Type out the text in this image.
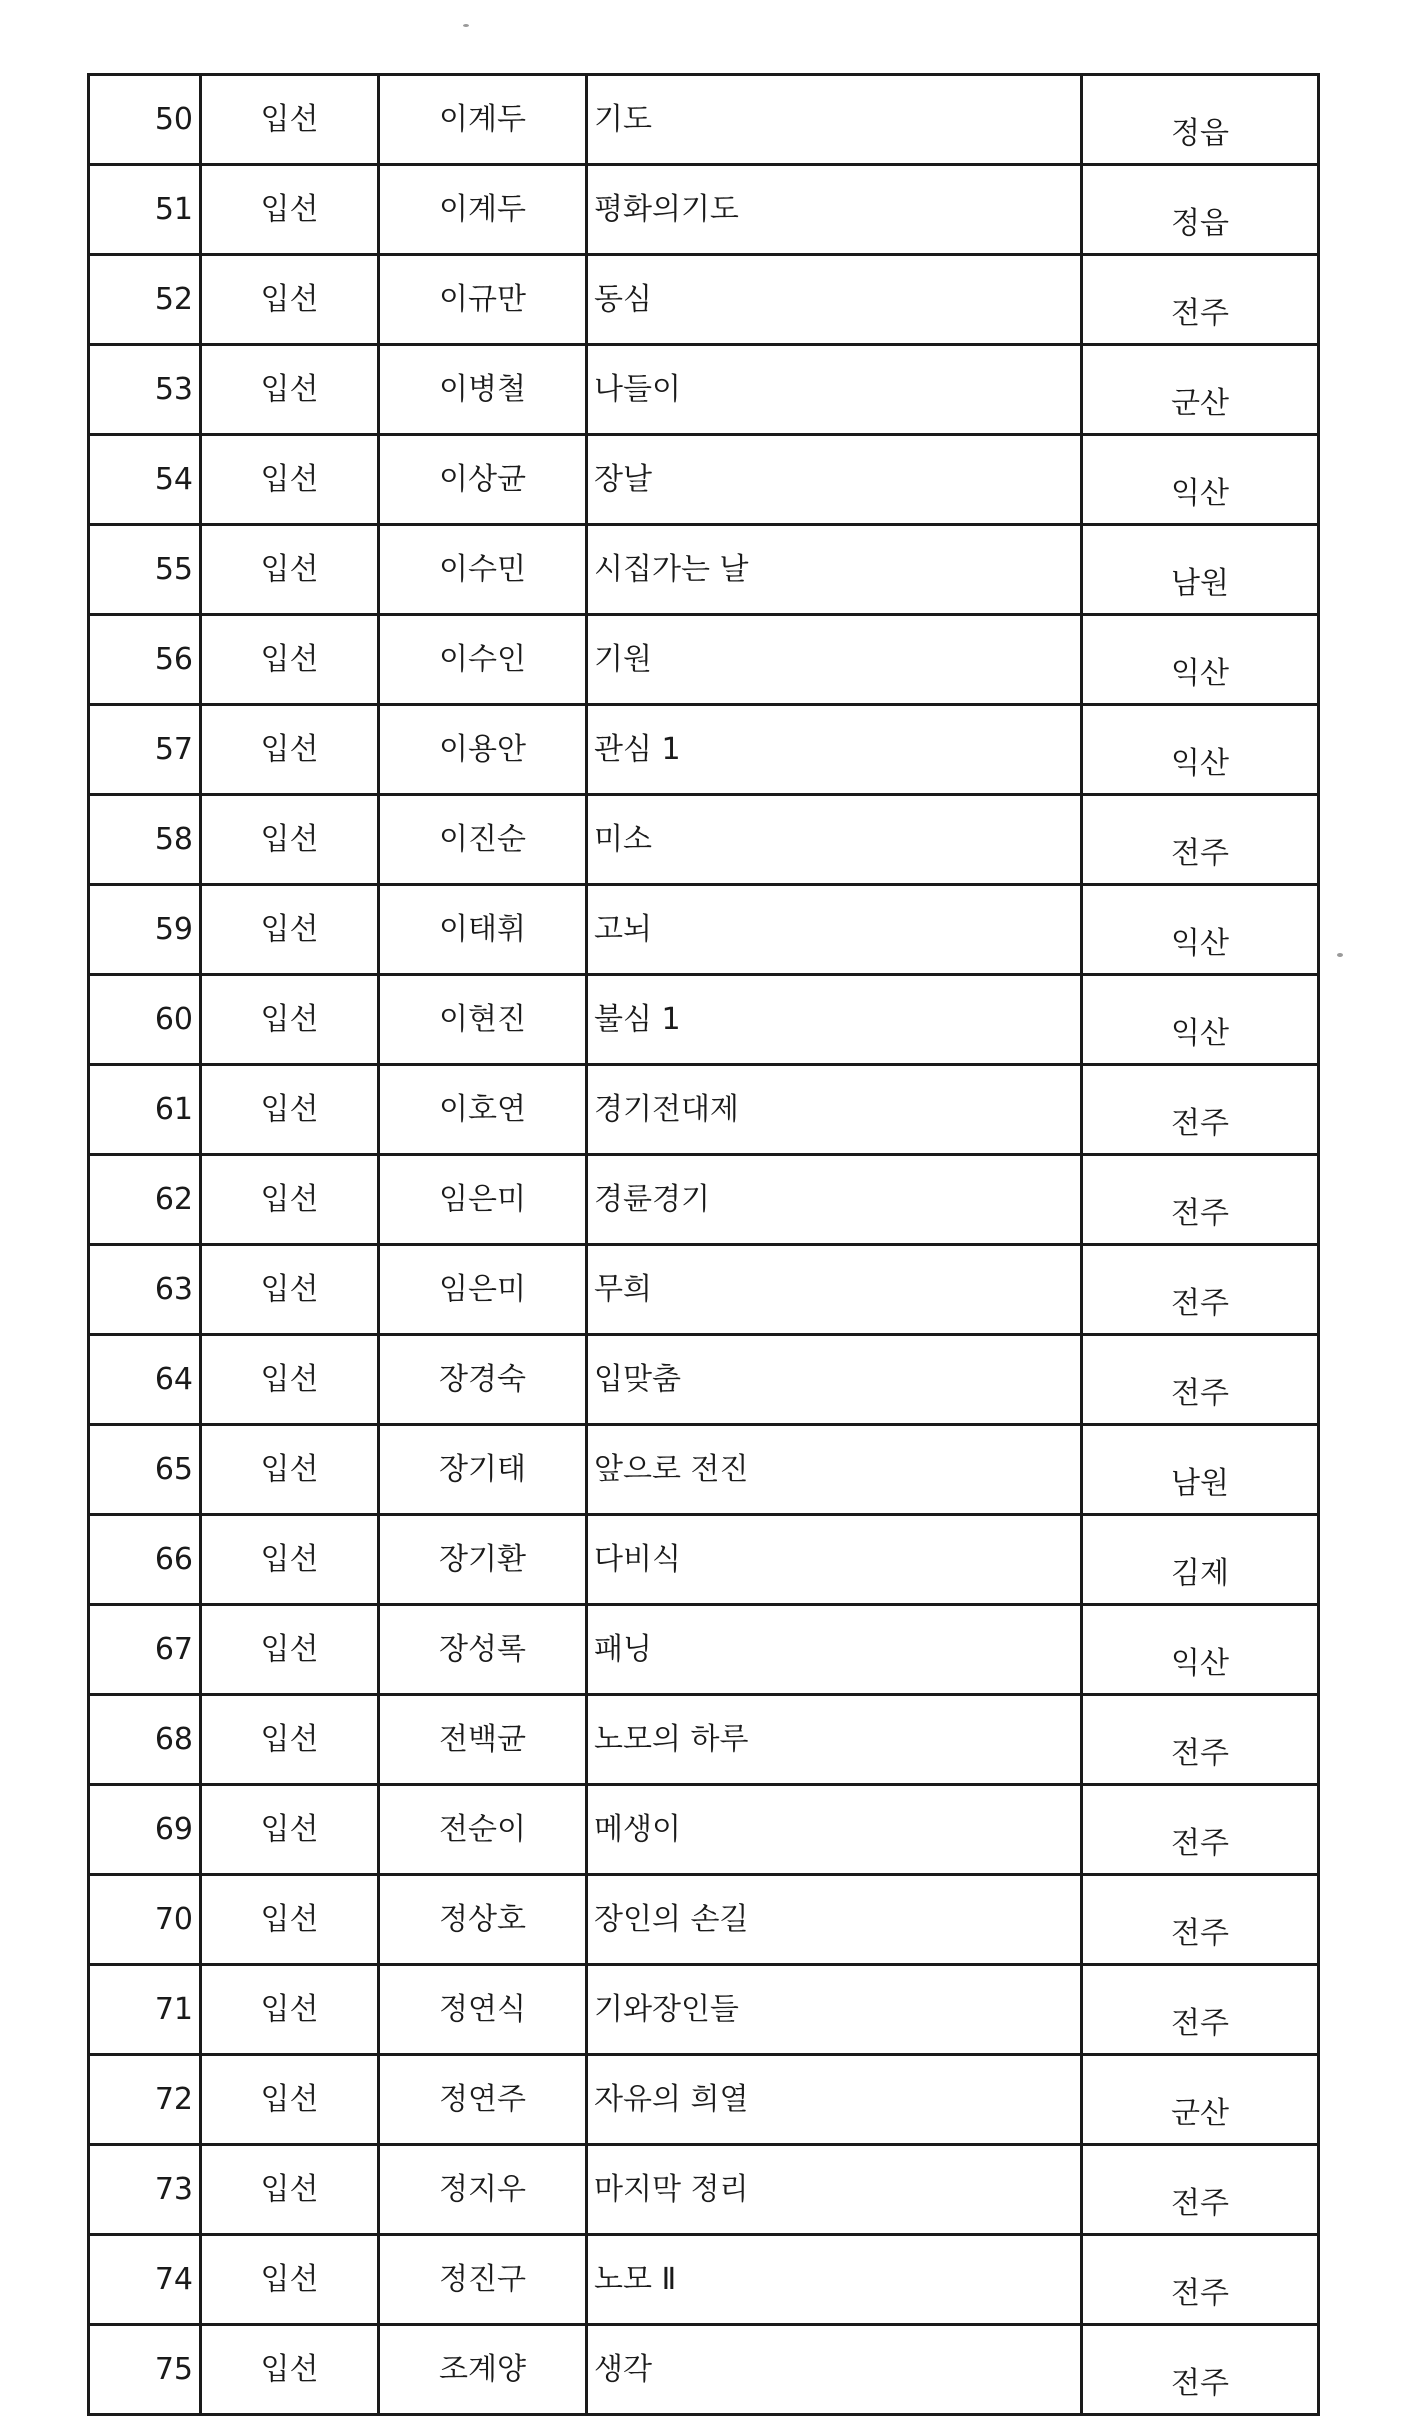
50	입선	이계두	기도	정읍
51	입선	이계두	평화의기도	정읍
52	입선	이규만	동심	전주
53	입선	이병철	나들이	군산
54	입선	이상균	장날	익산
55	입선	이수민	시집가는 날	남원
56	입선	이수인	기원	익산
57	입선	이용안	관심 1	익산
58	입선	이진순	미소	전주
59	입선	이태휘	고뇌	익산
60	입선	이현진	불심 1	익산
61	입선	이호연	경기전대제	전주
62	입선	임은미	경륜경기	전주
63	입선	임은미	무희	전주
64	입선	장경숙	입맞춤	전주
65	입선	장기태	앞으로 전진	남원
66	입선	장기환	다비식	김제
67	입선	장성록	패닝	익산
68	입선	전백균	노모의 하루	전주
69	입선	전순이	메생이	전주
70	입선	정상호	장인의 손길	전주
71	입선	정연식	기와장인들	전주
72	입선	정연주	자유의 희열	군산
73	입선	정지우	마지막 정리	전주
74	입선	정진구	노모 Ⅱ	전주
75	입선	조계양	생각	전주
